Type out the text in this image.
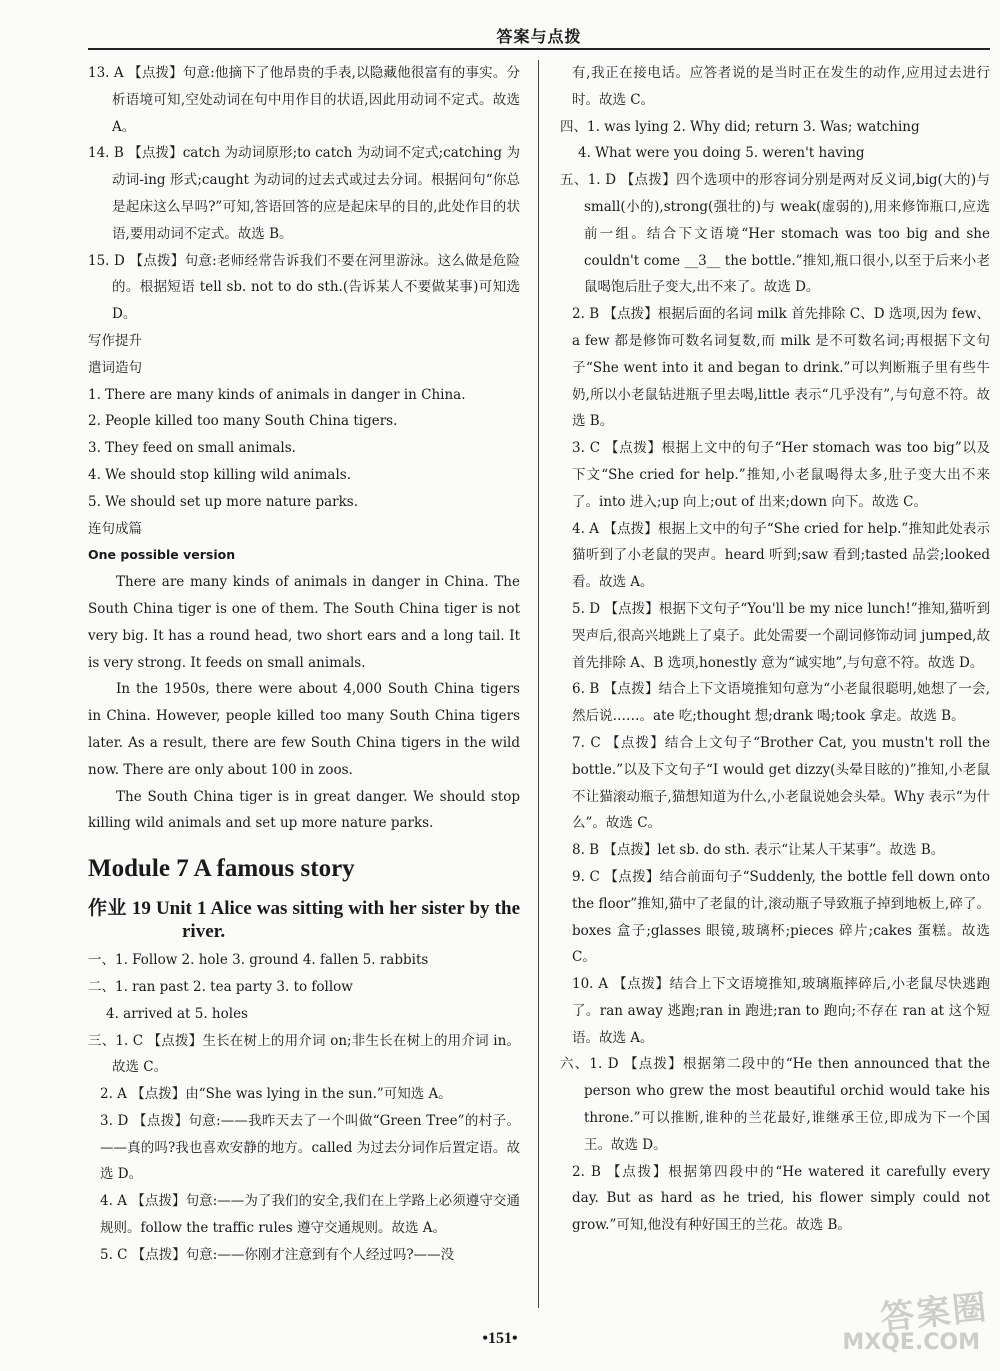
答案与点拨

13. A 【点拨】句意:他摘下了他昂贵的手表,以隐藏他很富有的事实。分析语境可知,空处动词在句中用作目的状语,因此用动词不定式。故选 A。

14. B 【点拨】catch 为动词原形;to catch 为动词不定式;catching 为动词-ing 形式;caught 为动词的过去式或过去分词。根据问句“你总是起床这么早吗?”可知,答语回答的应是起床早的目的,此处作目的状语,要用动词不定式。故选 B。

15. D 【点拨】句意:老师经常告诉我们不要在河里游泳。这么做是危险的。根据短语 tell sb. not to do sth.(告诉某人不要做某事)可知选 D。

写作提升

遣词造句

1. There are many kinds of animals in danger in China.

2. People killed too many South China tigers.

3. They feed on small animals.

4. We should stop killing wild animals.

5. We should set up more nature parks.

连句成篇

One possible version

There are many kinds of animals in danger in China. The South China tiger is one of them. The South China tiger is not very big. It has a round head, two short ears and a long tail. It is very strong. It feeds on small animals.

In the 1950s, there were about 4,000 South China tigers in China. However, people killed too many South China tigers later. As a result, there are few South China tigers in the wild now. There are only about 100 in zoos.

The South China tiger is in great danger. We should stop killing wild animals and set up more nature parks.

Module 7 A famous story

作业 19 Unit 1 Alice was sitting with her sister by the river.

一、1. Follow 2. hole 3. ground 4. fallen 5. rabbits

二、1. ran past 2. tea party 3. to follow

4. arrived at 5. holes

三、1. C 【点拨】生长在树上的用介词 on;非生长在树上的用介词 in。故选 C。

2. A 【点拨】由“She was lying in the sun.”可知选 A。

3. D 【点拨】句意:——我昨天去了一个叫做“Green Tree”的村子。——真的吗?我也喜欢安静的地方。called 为过去分词作后置定语。故选 D。

4. A 【点拨】句意:——为了我们的安全,我们在上学路上必须遵守交通规则。follow the traffic rules 遵守交通规则。故选 A。

5. C 【点拨】句意:——你刚才注意到有个人经过吗?——没

有,我正在接电话。应答者说的是当时正在发生的动作,应用过去进行时。故选 C。

四、1. was lying 2. Why did; return 3. Was; watching

4. What were you doing 5. weren't having

五、1. D 【点拨】四个选项中的形容词分别是两对反义词,big(大的)与 small(小的),strong(强壮的)与 weak(虚弱的),用来修饰瓶口,应选前一组。结合下文语境“Her stomach was too big and she couldn't come __3__ the bottle.”推知,瓶口很小,以至于后来小老鼠喝饱后肚子变大,出不来了。故选 D。

2. B 【点拨】根据后面的名词 milk 首先排除 C、D 选项,因为 few、a few 都是修饰可数名词复数,而 milk 是不可数名词;再根据下文句子“She went into it and began to drink.”可以判断瓶子里有些牛奶,所以小老鼠钻进瓶子里去喝,little 表示“几乎没有”,与句意不符。故选 B。

3. C 【点拨】根据上文中的句子“Her stomach was too big”以及下文“She cried for help.”推知,小老鼠喝得太多,肚子变大出不来了。into 进入;up 向上;out of 出来;down 向下。故选 C。

4. A 【点拨】根据上文中的句子“She cried for help.”推知此处表示猫听到了小老鼠的哭声。heard 听到;saw 看到;tasted 品尝;looked 看。故选 A。

5. D 【点拨】根据下文句子“You'll be my nice lunch!”推知,猫听到哭声后,很高兴地跳上了桌子。此处需要一个副词修饰动词 jumped,故首先排除 A、B 选项,honestly 意为“诚实地”,与句意不符。故选 D。

6. B 【点拨】结合上下文语境推知句意为“小老鼠很聪明,她想了一会,然后说……。ate 吃;thought 想;drank 喝;took 拿走。故选 B。

7. C 【点拨】结合上文句子“Brother Cat, you mustn't roll the bottle.”以及下文句子“I would get dizzy(头晕目眩的)”推知,小老鼠不让猫滚动瓶子,猫想知道为什么,小老鼠说她会头晕。Why 表示“为什么”。故选 C。

8. B 【点拨】let sb. do sth. 表示“让某人干某事”。故选 B。

9. C 【点拨】结合前面句子“Suddenly, the bottle fell down onto the floor”推知,猫中了老鼠的计,滚动瓶子导致瓶子掉到地板上,碎了。boxes 盒子;glasses 眼镜,玻璃杯;pieces 碎片;cakes 蛋糕。故选 C。

10. A 【点拨】结合上下文语境推知,玻璃瓶摔碎后,小老鼠尽快逃跑了。ran away 逃跑;ran in 跑进;ran to 跑向;不存在 ran at 这个短语。故选 A。

六、1. D 【点拨】根据第二段中的“He then announced that the person who grew the most beautiful orchid would take his throne.”可以推断,谁种的兰花最好,谁继承王位,即成为下一个国王。故选 D。

2. B 【点拨】根据第四段中的“He watered it carefully every day. But as hard as he tried, his flower simply could not grow.”可知,他没有种好国王的兰花。故选 B。

•151•	答案圈
MXQE.COM
